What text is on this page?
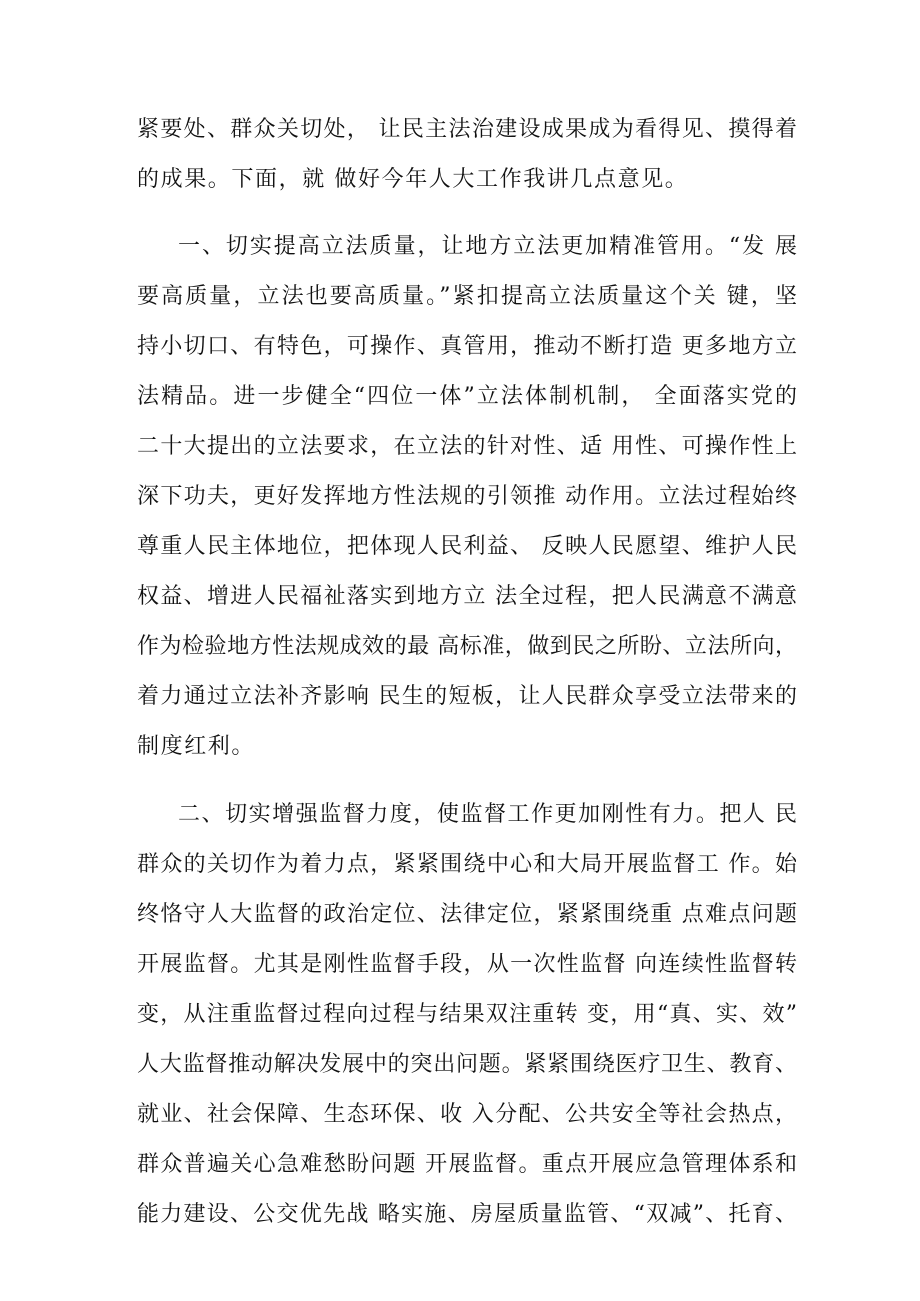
紧要处、群众关切处， 让民主法治建设成果成为看得见、摸得着
的成果。下面，就 做好今年人大工作我讲几点意见。
一、切实提高立法质量，让地方立法更加精准管用。“发 展
要高质量，立法也要高质量。”紧扣提高立法质量这个关 键，坚
持小切口、有特色，可操作、真管用，推动不断打造 更多地方立
法精品。进一步健全“四位一体”立法体制机制， 全面落实党的
二十大提出的立法要求，在立法的针对性、适 用性、可操作性上
深下功夫，更好发挥地方性法规的引领推 动作用。立法过程始终
尊重人民主体地位，把体现人民利益、 反映人民愿望、维护人民
权益、增进人民福祉落实到地方立 法全过程，把人民满意不满意
作为检验地方性法规成效的最 高标准，做到民之所盼、立法所向，
着力通过立法补齐影响 民生的短板，让人民群众享受立法带来的
制度红利。
二、切实增强监督力度，使监督工作更加刚性有力。把人 民
群众的关切作为着力点，紧紧围绕中心和大局开展监督工 作。始
终恪守人大监督的政治定位、法律定位，紧紧围绕重 点难点问题
开展监督。尤其是刚性监督手段，从一次性监督 向连续性监督转
变，从注重监督过程向过程与结果双注重转 变，用“真、实、效”
人大监督推动解决发展中的突出问题。紧紧围绕医疗卫生、教育、
就业、社会保障、生态环保、收 入分配、公共安全等社会热点，
群众普遍关心急难愁盼问题 开展监督。重点开展应急管理体系和
能力建设、公交优先战 略实施、房屋质量监管、“双减”、托育、
